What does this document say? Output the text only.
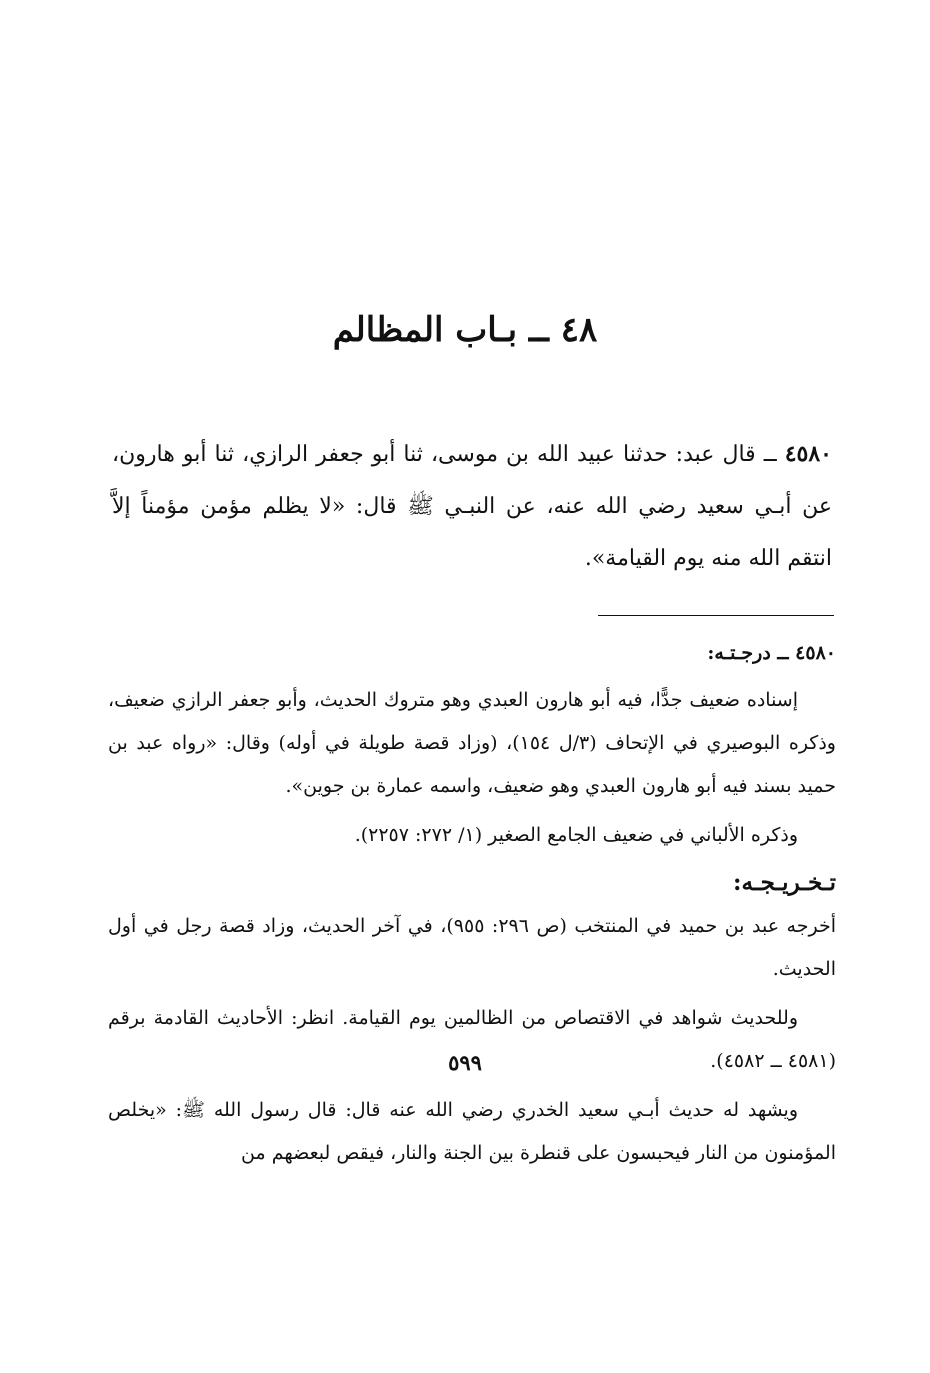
٤٨ ــ بـاب المظالم

٤٥٨٠ ــ قال عبد: حدثنا عبيد الله بن موسى، ثنا أبو جعفر الرازي، ثنا أبو هارون، عن أبـي سعيد رضي الله عنه، عن النبـي ﷺ قال: «لا يظلم مؤمن مؤمناً إلاَّ انتقم الله منه يوم القيامة».

٤٥٨٠ ــ درجـتـه:

إسناده ضعيف جدًّا، فيه أبو هارون العبدي وهو متروك الحديث، وأبو جعفر الرازي ضعيف، وذكره البوصيري في الإتحاف (٣/ل ١٥٤)، (وزاد قصة طويلة في أوله) وقال: «رواه عبد بن حميد بسند فيه أبو هارون العبدي وهو ضعيف، واسمه عمارة بن جوين».

وذكره الألباني في ضعيف الجامع الصغير (١/ ٢٧٢: ٢٢٥٧).

تـخـريـجـه:

أخرجه عبد بن حميد في المنتخب (ص ٢٩٦: ٩٥٥)، في آخر الحديث، وزاد قصة رجل في أول الحديث.

وللحديث شواهد في الاقتصاص من الظالمين يوم القيامة. انظر: الأحاديث القادمة برقم (٤٥٨١ ــ ٤٥٨٢).

ويشهد له حديث أبـي سعيد الخدري رضي الله عنه قال: قال رسول الله ﷺ: «يخلص المؤمنون من النار فيحبسون على قنطرة بين الجنة والنار، فيقص لبعضهم من

٥٩٩
